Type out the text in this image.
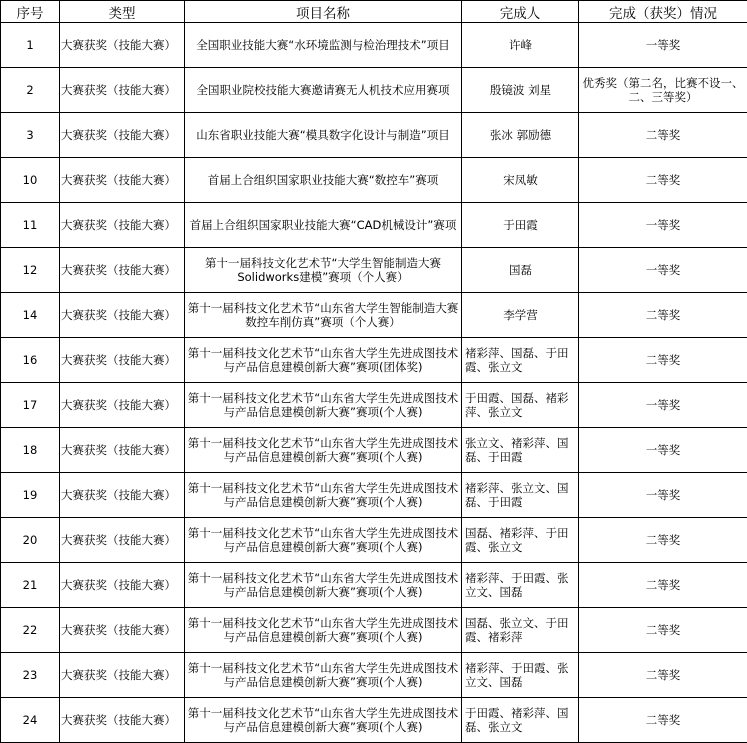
序号	类型	项目名称	完成人	完成（获奖）情况
1	大赛获奖（技能大赛）	全国职业技能大赛“水环境监测与检治理技术”项目	许峰	一等奖
2	大赛获奖（技能大赛）	全国职业院校技能大赛邀请赛无人机技术应用赛项	殷镜波 刘星	优秀奖（第二名，比赛不设一、二、三等奖）
3	大赛获奖（技能大赛）	山东省职业技能大赛“模具数字化设计与制造”项目	张冰 郭励德	二等奖
10	大赛获奖（技能大赛）	首届上合组织国家职业技能大赛“数控车”赛项	宋凤敏	二等奖
11	大赛获奖（技能大赛）	首届上合组织国家职业技能大赛“CAD机械设计”赛项	于田霞	一等奖
12	大赛获奖（技能大赛）	第十一届科技文化艺术节“大学生智能制造大赛Solidworks建模”赛项（个人赛）	国磊	一等奖
14	大赛获奖（技能大赛）	第十一届科技文化艺术节“山东省大学生智能制造大赛数控车削仿真”赛项（个人赛）	李学营	二等奖
16	大赛获奖（技能大赛）	第十一届科技文化艺术节“山东省大学生先进成图技术与产品信息建模创新大赛”赛项(团体奖)	褚彩萍、国磊、于田霞、张立文	二等奖
17	大赛获奖（技能大赛）	第十一届科技文化艺术节“山东省大学生先进成图技术与产品信息建模创新大赛”赛项(个人赛)	于田霞、国磊、褚彩萍、张立文	一等奖
18	大赛获奖（技能大赛）	第十一届科技文化艺术节“山东省大学生先进成图技术与产品信息建模创新大赛”赛项(个人赛)	张立文、褚彩萍、国磊、于田霞	一等奖
19	大赛获奖（技能大赛）	第十一届科技文化艺术节“山东省大学生先进成图技术与产品信息建模创新大赛”赛项(个人赛)	褚彩萍、张立文、国磊、于田霞	一等奖
20	大赛获奖（技能大赛）	第十一届科技文化艺术节“山东省大学生先进成图技术与产品信息建模创新大赛”赛项(个人赛)	国磊、褚彩萍、于田霞、张立文	二等奖
21	大赛获奖（技能大赛）	第十一届科技文化艺术节“山东省大学生先进成图技术与产品信息建模创新大赛”赛项(个人赛)	褚彩萍、于田霞、张立文、国磊	二等奖
22	大赛获奖（技能大赛）	第十一届科技文化艺术节“山东省大学生先进成图技术与产品信息建模创新大赛”赛项(个人赛)	国磊、张立文、于田霞、褚彩萍	二等奖
23	大赛获奖（技能大赛）	第十一届科技文化艺术节“山东省大学生先进成图技术与产品信息建模创新大赛”赛项(个人赛)	褚彩萍、于田霞、张立文、国磊	二等奖
24	大赛获奖（技能大赛）	第十一届科技文化艺术节“山东省大学生先进成图技术与产品信息建模创新大赛”赛项(个人赛)	于田霞、褚彩萍、国磊、张立文	二等奖
